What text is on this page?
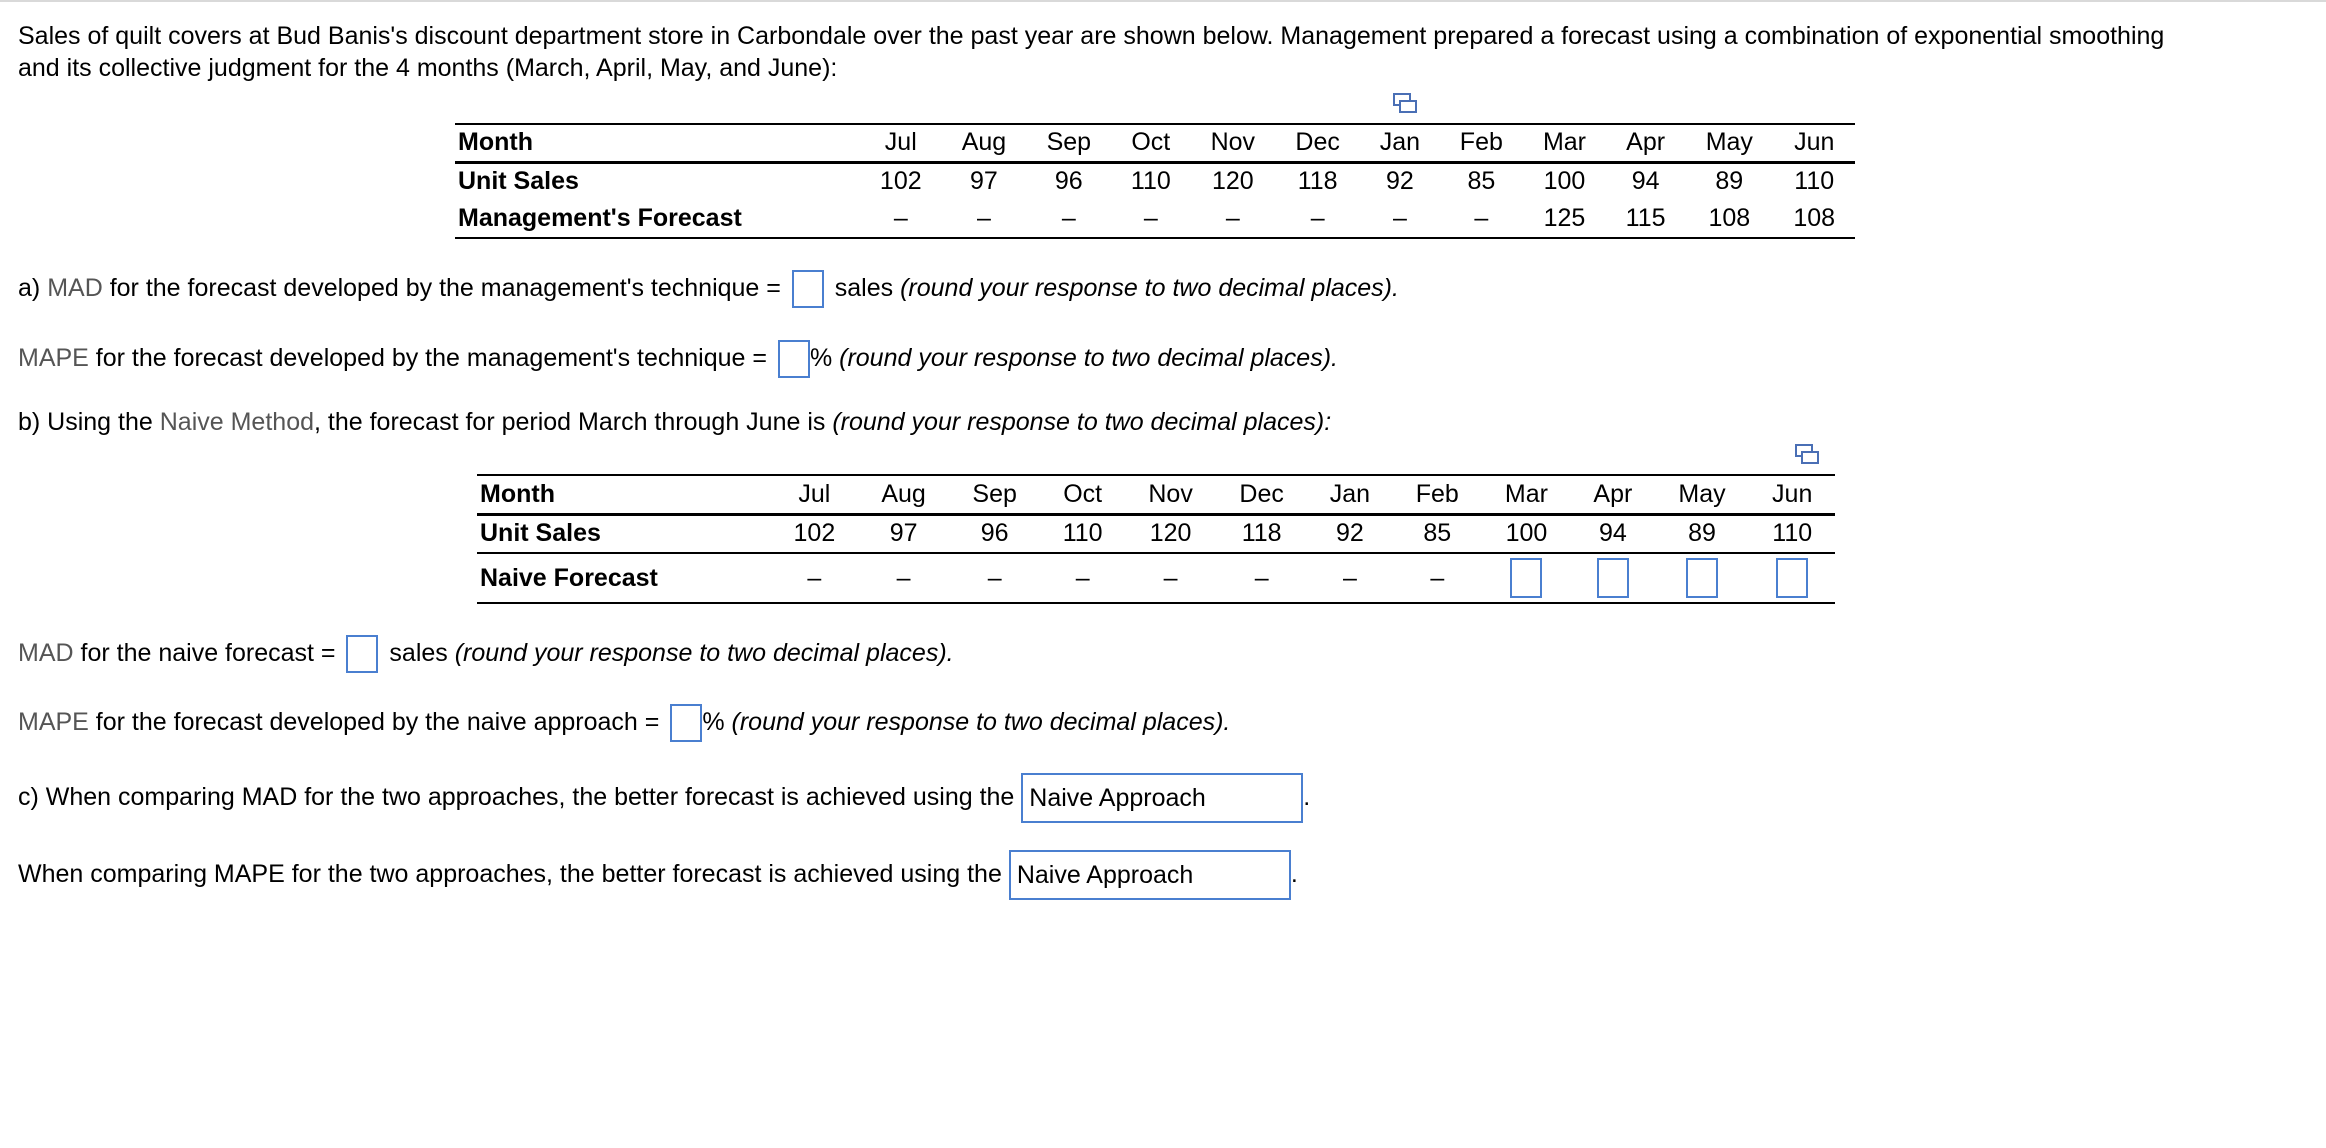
Sales of quilt covers at Bud Banis's discount department store in Carbondale over the past year are shown below. Management prepared a forecast using a combination of exponential smoothing

and its collective judgment for the 4 months (March, April, May, and June):

Month	Jul	Aug	Sep	Oct	Nov	Dec	Jan	Feb	Mar	Apr	May	Jun
Unit Sales	102	97	96	110	120	118	92	85	100	94	89	110
Management's Forecast	–	–	–	–	–	–	–	–	125	115	108	108

a) MAD for the forecast developed by the management's technique =  sales (round your response to two decimal places).

MAPE for the forecast developed by the management's technique = % (round your response to two decimal places).

b) Using the Naive Method, the forecast for period March through June is (round your response to two decimal places):

Month	Jul	Aug	Sep	Oct	Nov	Dec	Jan	Feb	Mar	Apr	May	Jun
Unit Sales	102	97	96	110	120	118	92	85	100	94	89	110
Naive Forecast	–	–	–	–	–	–	–	–				

MAD for the naive forecast =  sales (round your response to two decimal places).

MAPE for the forecast developed by the naive approach = % (round your response to two decimal places).

c) When comparing MAD for the two approaches, the better forecast is achieved using the Naive Approach	.

When comparing MAPE for the two approaches, the better forecast is achieved using the Naive Approach	.
